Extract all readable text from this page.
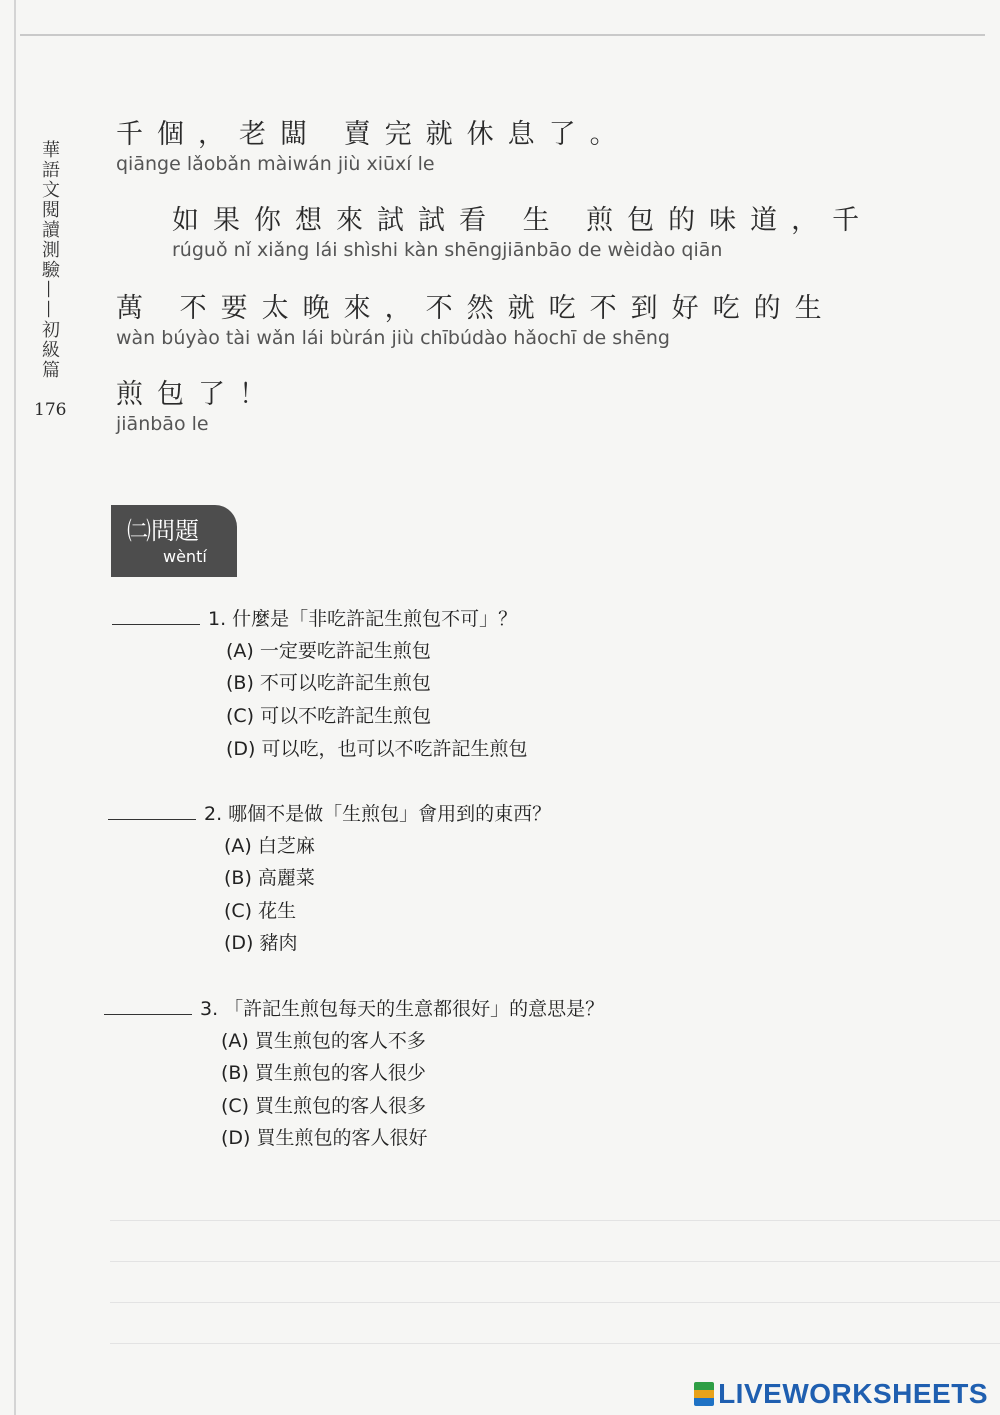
華語文閱讀測驗——初級篇
176
千個，老闆 賣完就休息了。
qiānge lǎobǎn màiwán jiù xiūxí le
如果你想來試試看 生 煎包的味道，千
rúguǒ nǐ xiǎng lái shìshi kàn shēngjiānbāo de wèidào qiān
萬 不要太晚來，不然就吃不到好吃的生
wàn búyào tài wǎn lái bùrán jiù chībúdào hǎochī de shēng
煎包了！
jiānbāo le
㈡問題
wèntí
1. 什麼是「非吃許記生煎包不可」？
(A) 一定要吃許記生煎包
(B) 不可以吃許記生煎包
(C) 可以不吃許記生煎包
(D) 可以吃，也可以不吃許記生煎包
2. 哪個不是做「生煎包」會用到的東西？
(A) 白芝麻
(B) 高麗菜
(C) 花生
(D) 豬肉
3. 「許記生煎包每天的生意都很好」的意思是？
(A) 買生煎包的客人不多
(B) 買生煎包的客人很少
(C) 買生煎包的客人很多
(D) 買生煎包的客人很好
LIVEWORKSHEETS
